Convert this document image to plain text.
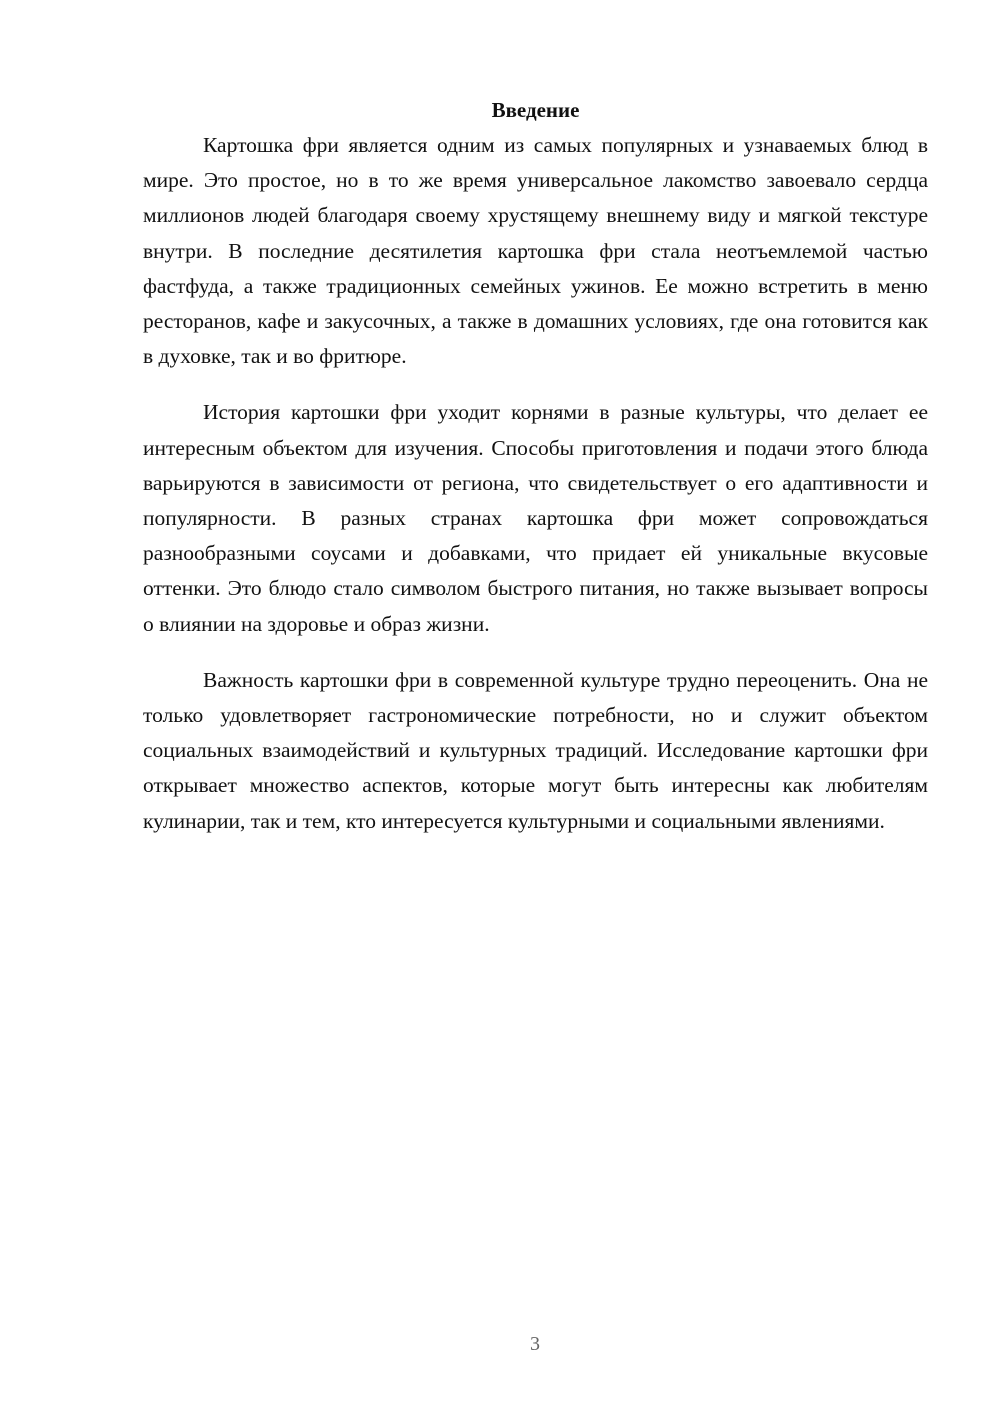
Введение

Картошка фри является одним из самых популярных и узнаваемых блюд в мире. Это простое, но в то же время универсальное лакомство завоевало сердца миллионов людей благодаря своему хрустящему внешнему виду и мягкой текстуре внутри. В последние десятилетия картошка фри стала неотъемлемой частью фастфуда, а также традиционных семейных ужинов. Ее можно встретить в меню ресторанов, кафе и закусочных, а также в домашних условиях, где она готовится как в духовке, так и во фритюре.

История картошки фри уходит корнями в разные культуры, что делает ее интересным объектом для изучения. Способы приготовления и подачи этого блюда варьируются в зависимости от региона, что свидетельствует о его адаптивности и популярности. В разных странах картошка фри может сопровождаться разнообразными соусами и добавками, что придает ей уникальные вкусовые оттенки. Это блюдо стало символом быстрого питания, но также вызывает вопросы о влиянии на здоровье и образ жизни.

Важность картошки фри в современной культуре трудно переоценить. Она не только удовлетворяет гастрономические потребности, но и служит объектом социальных взаимодействий и культурных традиций. Исследование картошки фри открывает множество аспектов, которые могут быть интересны как любителям кулинарии, так и тем, кто интересуется культурными и социальными явлениями.

3
